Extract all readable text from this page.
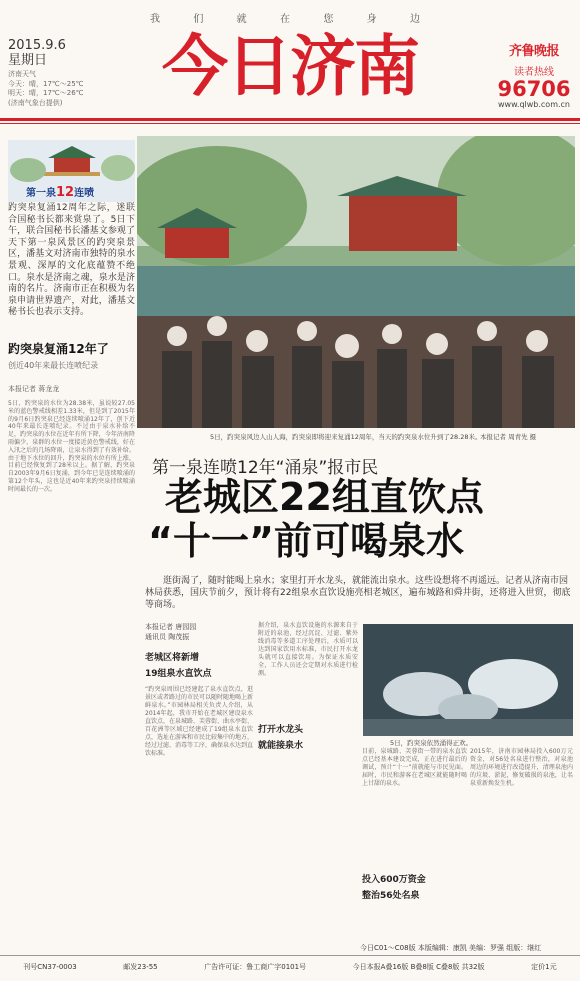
我	们	就	在	您	身	边
2015.9.6
星期日
济南天气
今天：晴，17℃～25℃
明天：晴，17℃～26℃
(济南气象台提供)	今日济南	齐鲁晚报
读者热线
96706
www.qlwb.com.cn
第一泉12连喷
趵突泉复涌12周年之际，迷联合国秘书长都来赏泉了。5日下午，联合国秘书长潘基文参观了天下第一泉风景区的趵突泉景区，潘基文对济南市独特的泉水景观、深厚的文化底蕴赞不绝口。泉水是济南之魂，泉水是济南的名片。济南市正在积极为名泉申请世界遗产，对此，潘基文秘书长也表示支持。
趵突泉复涌12年了
创近40年来最长连喷纪录
本报记者 蒋龙龙
5日，趵突泉的水位为28.38米，虽说较27.05米的蓝色警戒线相差1.33米，但是到了2015年的9月6日趵突泉已经连续喷涌12年了，创下近40年来最长连喷纪录。不过由于泉水补给不足，趵突泉的水位在近年有所下降，今年济南降雨偏少，泉群的水位一度接近黄色警戒线，好在入汛之后的几场降雨，让泉水得到了有效补给。由于地下水位的回升，趵突泉的水位有所上涨，目前已经恢复到了28米以上。据了解，趵突泉自2003年9月6日复涌，到今年已是连续喷涌的第12个年头，这也是近40年来趵突泉持续喷涌时间最长的一次。
5日，趵突泉风边人山人海，趵突泉即将迎来复涌12周年，当天的趵突泉水位升到了28.28米。
本报记者 周青先 摄
第一泉连喷12年“涌泉”报市民
老城区22组直饮点
“十一”前可喝泉水
逛街渴了，随时能喝上泉水；家里打开水龙头，就能流出泉水。这些设想将不再遥远。记者从济南市园林局获悉，国庆节前夕，预计将有22组泉水直饮设施亮相老城区，遍布城路和舜井街，还将进入世贸，彻底等商场。
本报记者 唐园园
通讯员 陶茂振
老城区将新增
19组泉水直饮点
“趵突泉周围已经建起了泉水直饮点，逛景区或者路过的市民可以随时随地喝上新鲜泉水。”市园林局相关负责人介绍，从2014年起，我市开始在老城区建设泉水直饮点，在泉城路、芙蓉街、曲水亭街、百花洲等区域已经建成了19组泉水直饮点，选址在游客和市民比较集中的地方，经过过滤、消毒等工序，确保泉水达到直饮标准。
据介绍，泉水直饮设施的水源来自于附近的泉池，经过沉淀、过滤、紫外线消毒等多道工序处理后，水质可以达到国家饮用水标准，市民打开水龙头就可以直接饮用。为保证水质安全，工作人员还会定期对水质进行检测。
打开水龙头
就能接泉水	5日，趵突泉依然涌得正欢。
目前，泉城路、芙蓉街一带的泉水直饮点已经基本建设完成，正在进行最后的调试，预计“十一”前就能与市民见面。届时，市民和游客在老城区就能随时喝上甘甜的泉水。
投入600万资金
整治56处名泉
2015年，济南市园林局投入600万元资金，对56处名泉进行整治，对泉池周边的环境进行改造提升，清理泉池内的垃圾、淤泥，修复破损的泉池，让名泉重新焕发生机。
今日C01～C08版 本版编辑：康凯 美编：罗强 组版：继红
刊号CN37-0003	邮发23-55	广告许可证：鲁工商广字0101号	今日本报A叠16版 B叠8版 C叠8版 共32版	定价1元
